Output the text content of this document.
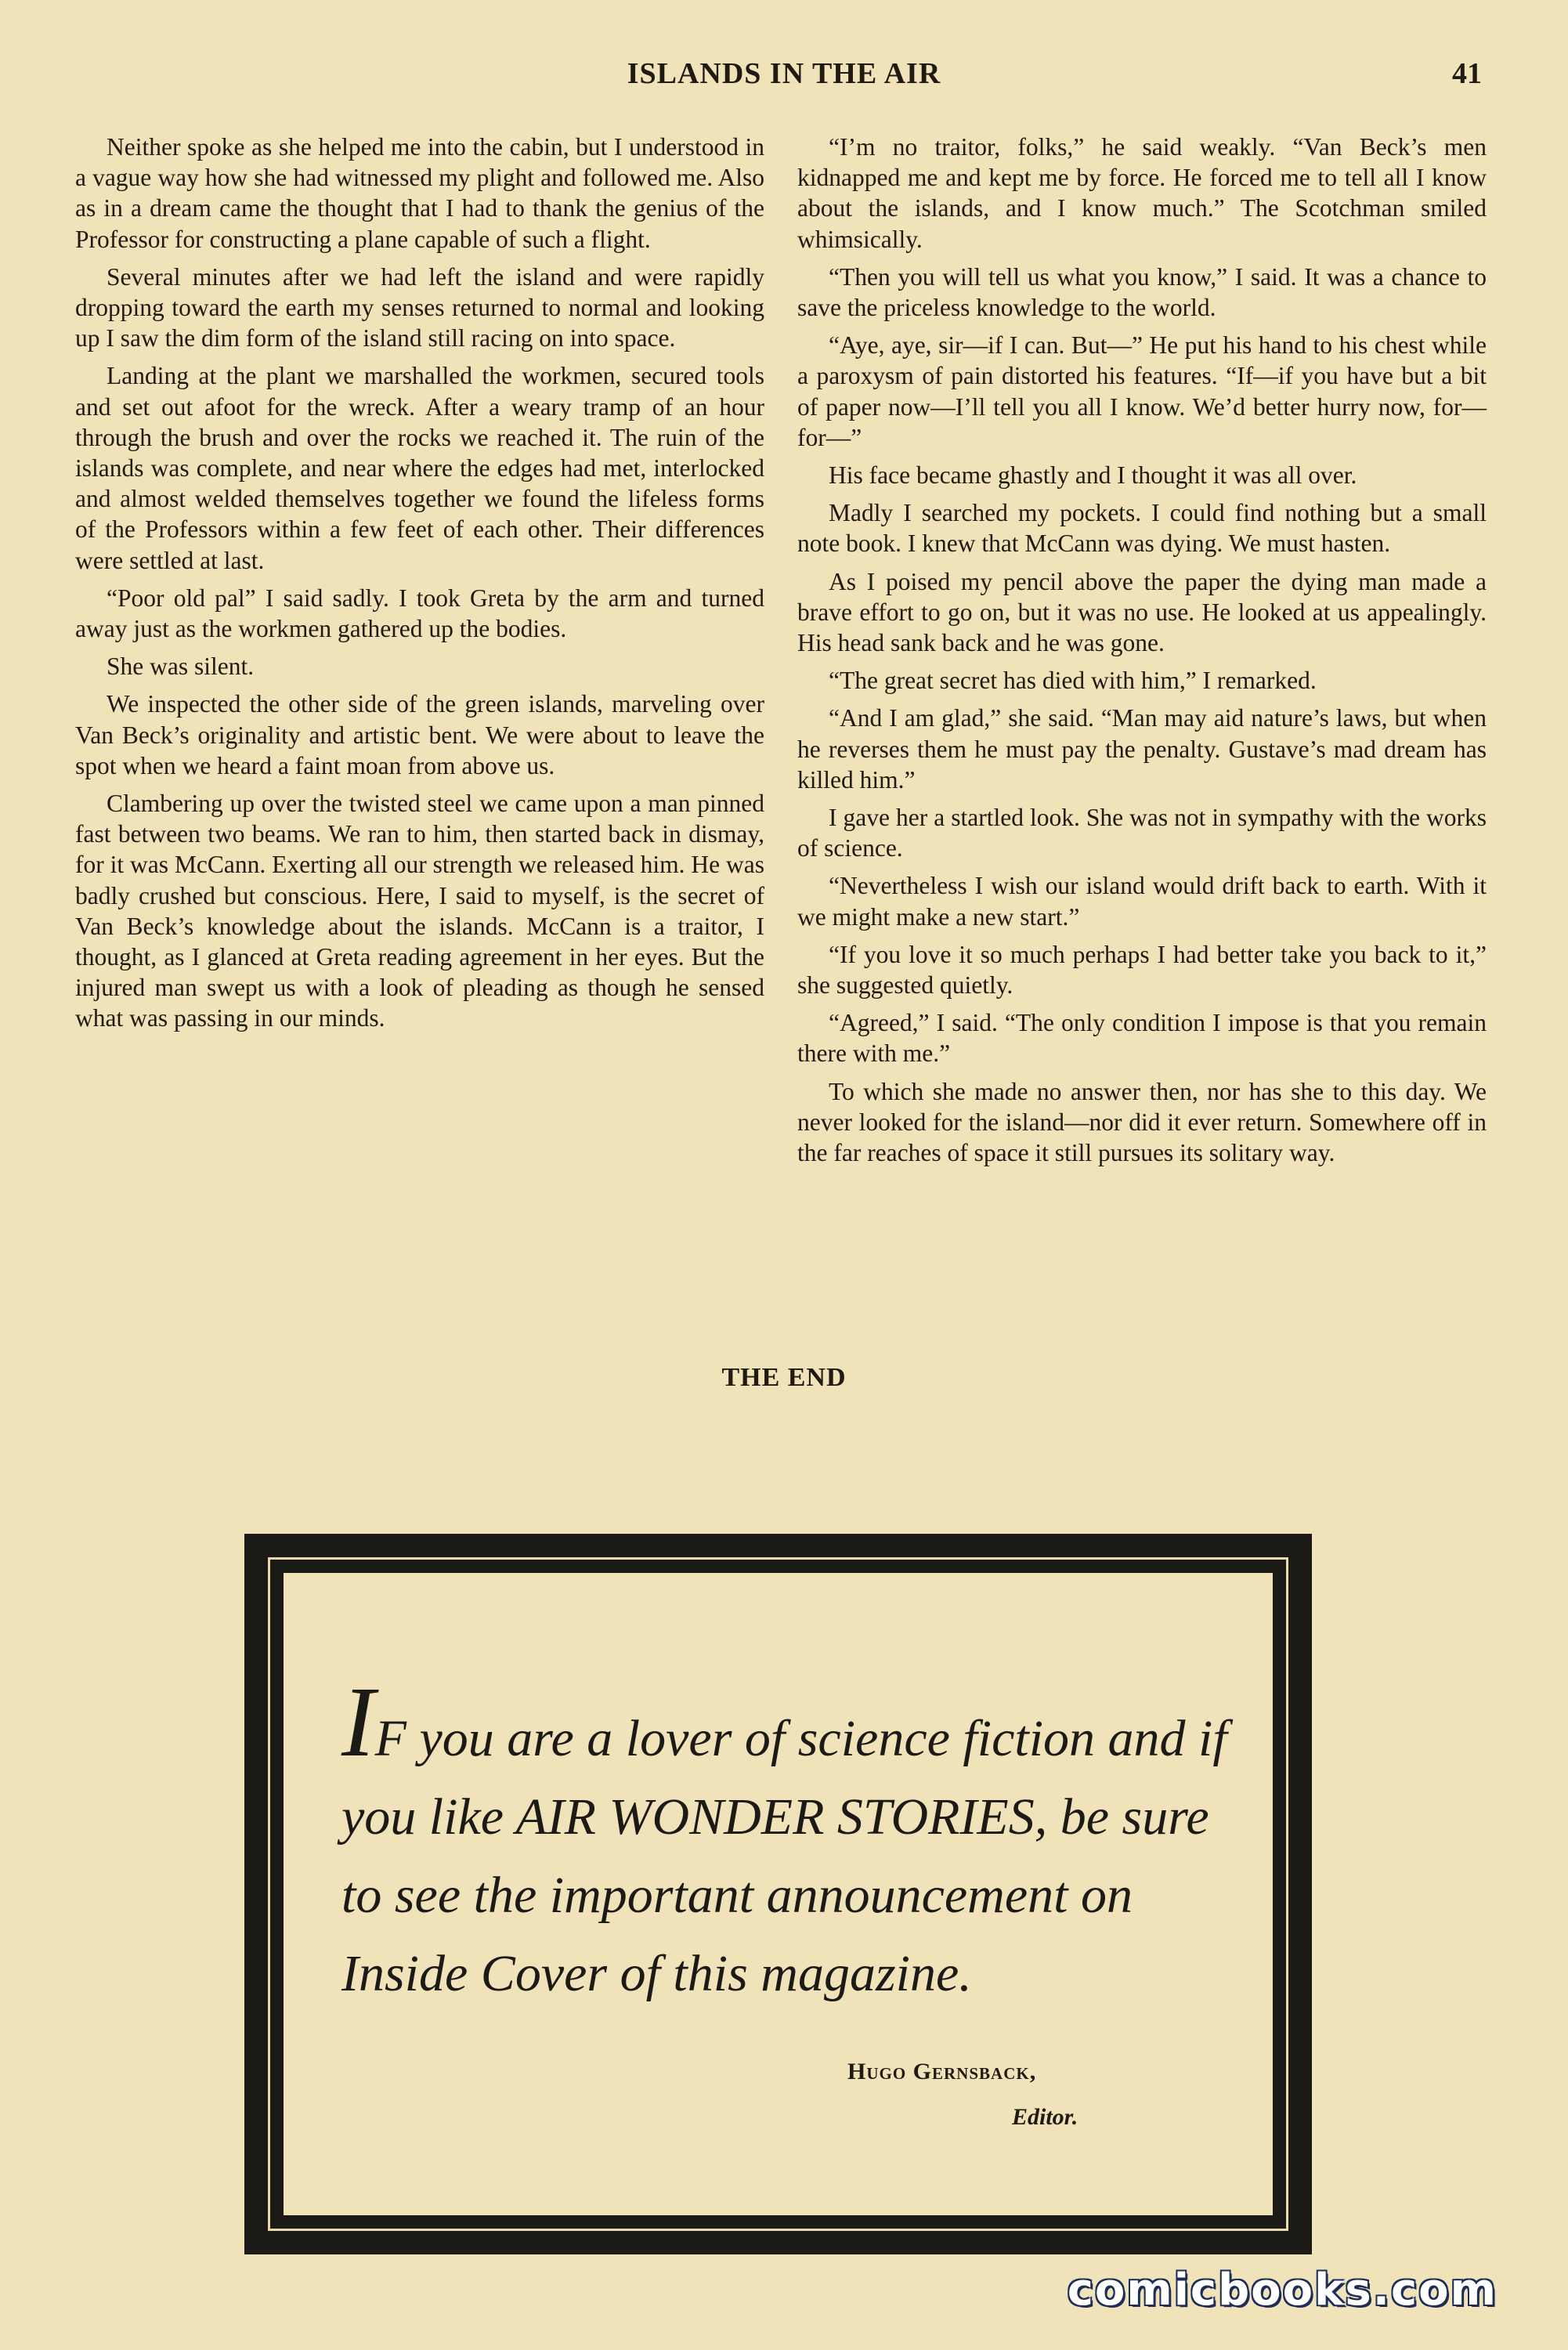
ISLANDS IN THE AIR	41

Neither spoke as she helped me into the cabin, but I understood in a vague way how she had witnessed my plight and followed me. Also as in a dream came the thought that I had to thank the genius of the Professor for constructing a plane capable of such a flight.

Several minutes after we had left the island and were rapidly dropping toward the earth my senses returned to normal and looking up I saw the dim form of the island still racing on into space.

Landing at the plant we marshalled the workmen, secured tools and set out afoot for the wreck. After a weary tramp of an hour through the brush and over the rocks we reached it. The ruin of the islands was complete, and near where the edges had met, interlocked and almost welded themselves together we found the lifeless forms of the Professors within a few feet of each other. Their differences were settled at last.

“Poor old pal” I said sadly. I took Greta by the arm and turned away just as the workmen gathered up the bodies.

She was silent.

We inspected the other side of the green islands, marveling over Van Beck’s originality and artistic bent. We were about to leave the spot when we heard a faint moan from above us.

Clambering up over the twisted steel we came upon a man pinned fast between two beams. We ran to him, then started back in dismay, for it was McCann. Exerting all our strength we released him. He was badly crushed but conscious. Here, I said to myself, is the secret of Van Beck’s knowledge about the islands. McCann is a traitor, I thought, as I glanced at Greta reading agreement in her eyes. But the injured man swept us with a look of pleading as though he sensed what was passing in our minds.

“I’m no traitor, folks,” he said weakly. “Van Beck’s men kidnapped me and kept me by force. He forced me to tell all I know about the islands, and I know much.” The Scotchman smiled whimsically.

“Then you will tell us what you know,” I said. It was a chance to save the priceless knowledge to the world.

“Aye, aye, sir—if I can. But—” He put his hand to his chest while a paroxysm of pain distorted his features. “If—if you have but a bit of paper now—I’ll tell you all I know. We’d better hurry now, for—for—”

His face became ghastly and I thought it was all over.

Madly I searched my pockets. I could find nothing but a small note book. I knew that McCann was dying. We must hasten.

As I poised my pencil above the paper the dying man made a brave effort to go on, but it was no use. He looked at us appealingly. His head sank back and he was gone.

“The great secret has died with him,” I remarked.

“And I am glad,” she said. “Man may aid nature’s laws, but when he reverses them he must pay the penalty. Gustave’s mad dream has killed him.”

I gave her a startled look. She was not in sympathy with the works of science.

“Nevertheless I wish our island would drift back to earth. With it we might make a new start.”

“If you love it so much perhaps I had better take you back to it,” she suggested quietly.

“Agreed,” I said. “The only condition I impose is that you remain there with me.”

To which she made no answer then, nor has she to this day. We never looked for the island—nor did it ever return. Somewhere off in the far reaches of space it still pursues its solitary way.

THE END
IF you are a lover of science fiction and if you like AIR WONDER STORIES, be sure to see the important announcement on Inside Cover of this magazine.
Hugo Gernsback,
Editor.
comicbooks.com
